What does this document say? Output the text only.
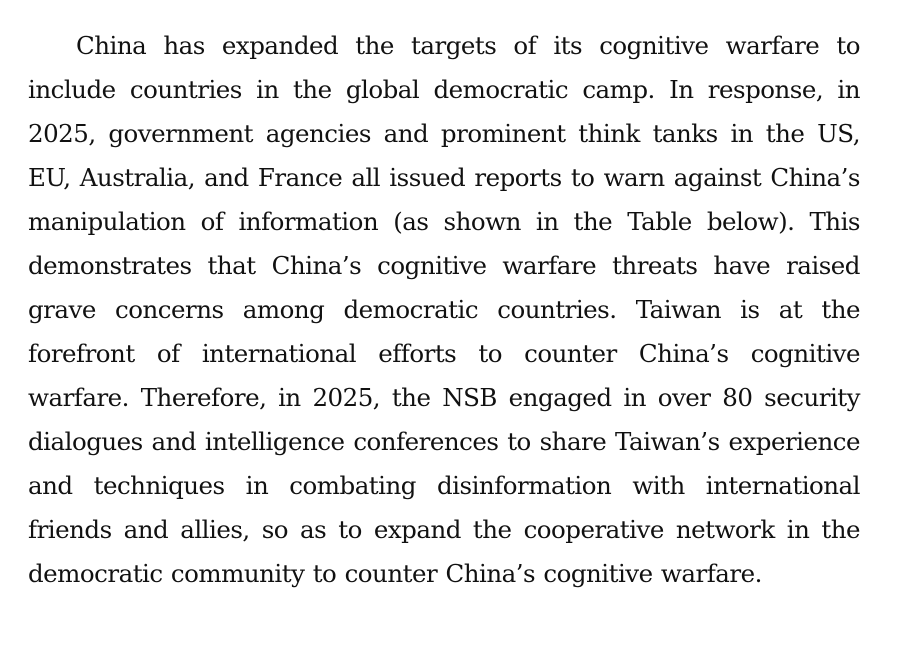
China has expanded the targets of its cognitive warfare to include countries in the global democratic camp. In response, in 2025, government agencies and prominent think tanks in the US, EU, Australia, and France all issued reports to warn against China’s manipulation of information (as shown in the Table below). This demonstrates that China’s cognitive warfare threats have raised grave concerns among democratic countries. Taiwan is at the forefront of international efforts to counter China’s cognitive warfare. Therefore, in 2025, the NSB engaged in over 80 security dialogues and intelligence conferences to share Taiwan’s experience and techniques in combating disinformation with international friends and allies, so as to expand the cooperative network in the democratic community to counter China’s cognitive warfare.
